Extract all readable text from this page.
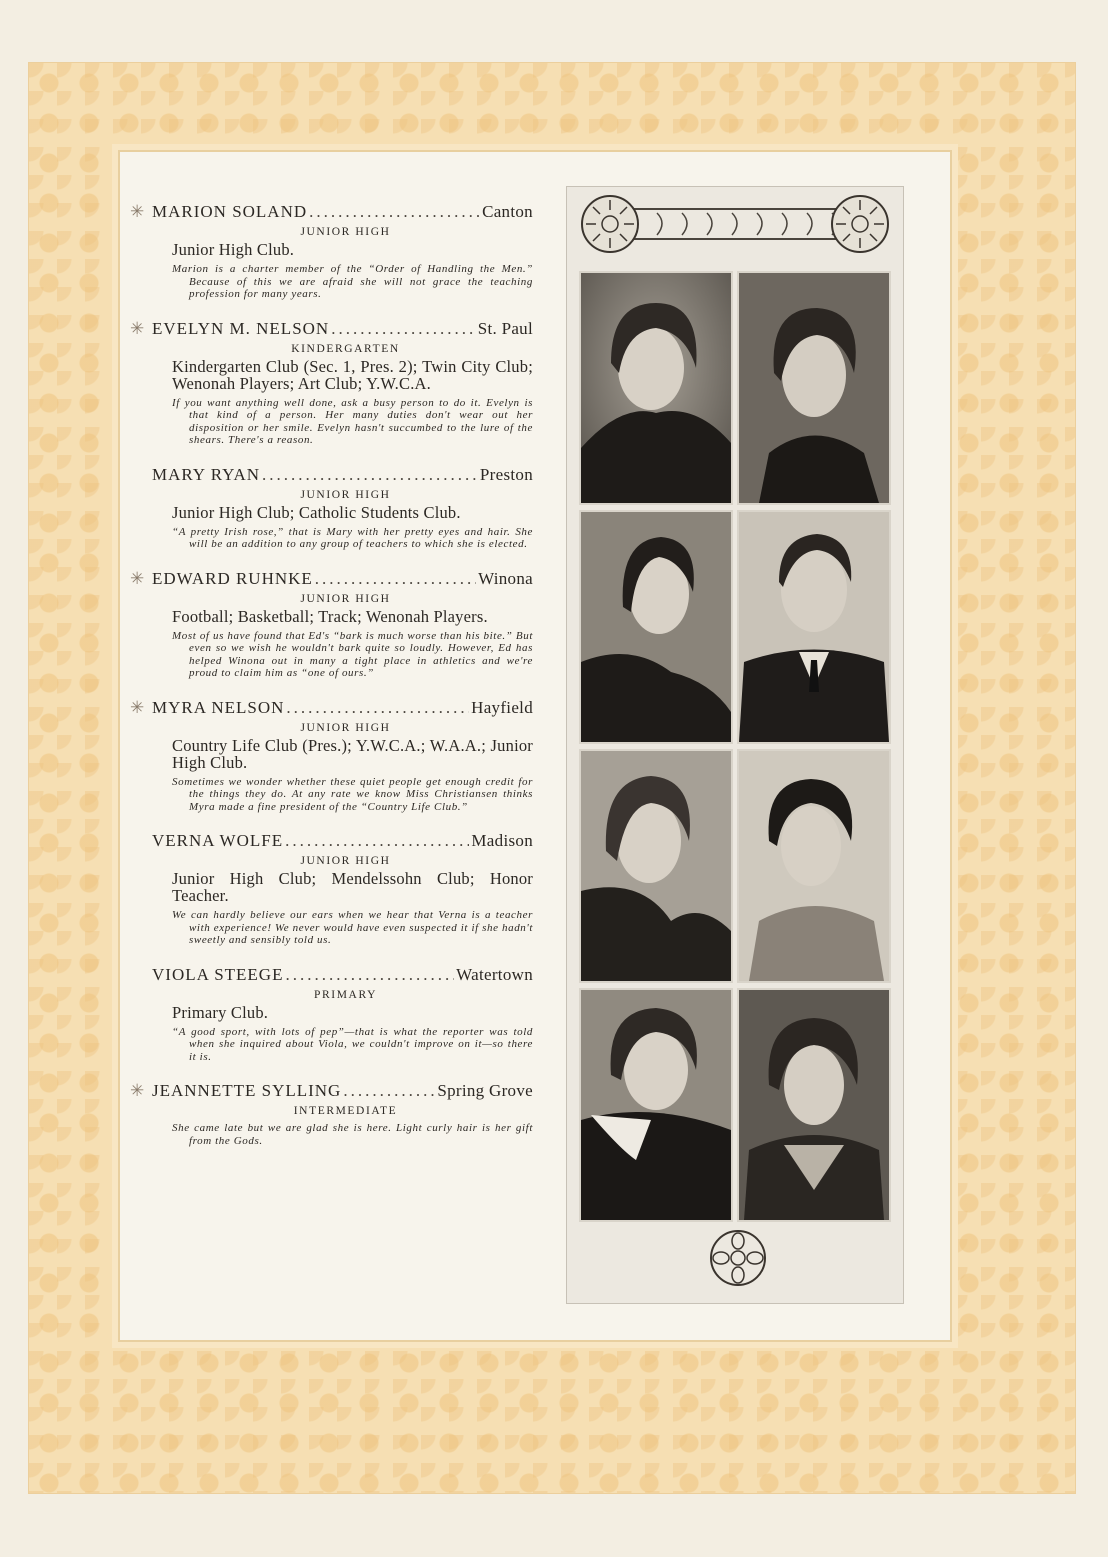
✳ MARION SOLAND .....	Canton
JUNIOR HIGH
Junior High Club.
Marion is a charter member of the “Order of Handling the Men.” Because of this we are afraid she will not grace the teaching profession for many years.
✳ EVELYN M. NELSON .....	St. Paul
KINDERGARTEN
Kindergarten Club (Sec. 1, Pres. 2); Twin City Club; Wenonah Players; Art Club; Y.W.C.A.
If you want anything well done, ask a busy person to do it. Evelyn is that kind of a person. Her many duties don't wear out her disposition or her smile. Evelyn hasn't succumbed to the lure of the shears. There's a reason.
MARY RYAN .....	Preston
JUNIOR HIGH
Junior High Club; Catholic Students Club.
“A pretty Irish rose,” that is Mary with her pretty eyes and hair. She will be an addition to any group of teachers to which she is elected.
✳ EDWARD RUHNKE .....	Winona
JUNIOR HIGH
Football; Basketball; Track; Wenonah Players.
Most of us have found that Ed's “bark is much worse than his bite.” But even so we wish he wouldn't bark quite so loudly. However, Ed has helped Winona out in many a tight place in athletics and we're proud to claim him as “one of ours.”
✳ MYRA NELSON .....	Hayfield
JUNIOR HIGH
Country Life Club (Pres.); Y.W.C.A.; W.A.A.; Junior High Club.
Sometimes we wonder whether these quiet people get enough credit for the things they do. At any rate we know Miss Christiansen thinks Myra made a fine president of the “Country Life Club.”
VERNA WOLFE .....	Madison
JUNIOR HIGH
Junior High Club; Mendelssohn Club; Honor Teacher.
We can hardly believe our ears when we hear that Verna is a teacher with experience! We never would have even suspected it if she hadn't sweetly and sensibly told us.
VIOLA STEEGE .....	Watertown
PRIMARY
Primary Club.
“A good sport, with lots of pep”—that is what the reporter was told when she inquired about Viola, we couldn't improve on it—so there it is.
✳ JEANNETTE SYLLING .....	Spring Grove
INTERMEDIATE
She came late but we are glad she is here. Light curly hair is her gift from the Gods.
